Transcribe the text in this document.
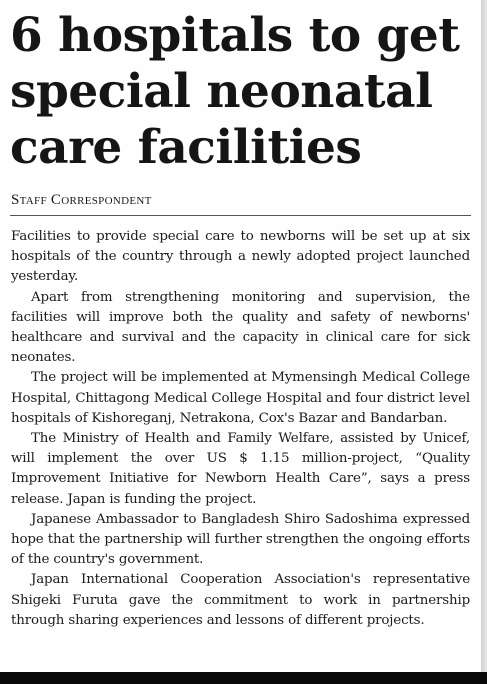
6 hospitals to get special neonatal care facilities
Staff Correspondent

Facilities to provide special care to newborns will be set up at six hospitals of the country through a newly adopted project launched yesterday.

Apart from strengthening monitoring and supervision, the facilities will improve both the quality and safety of newborns' healthcare and survival and the capacity in clinical care for sick neonates.

The project will be implemented at Mymensingh Medical College Hospital, Chittagong Medical College Hospital and four district level hospitals of Kishoreganj, Netrakona, Cox's Bazar and Bandarban.

The Ministry of Health and Family Welfare, assisted by Unicef, will implement the over US $ 1.15 million-project, “Quality Improvement Initiative for Newborn Health Care”, says a press release. Japan is funding the project.

Japanese Ambassador to Bangladesh Shiro Sadoshima expressed hope that the partnership will further strengthen the ongoing efforts of the country's government.

Japan International Cooperation Association's representative Shigeki Furuta gave the commitment to work in partnership through sharing experiences and lessons of different projects.
